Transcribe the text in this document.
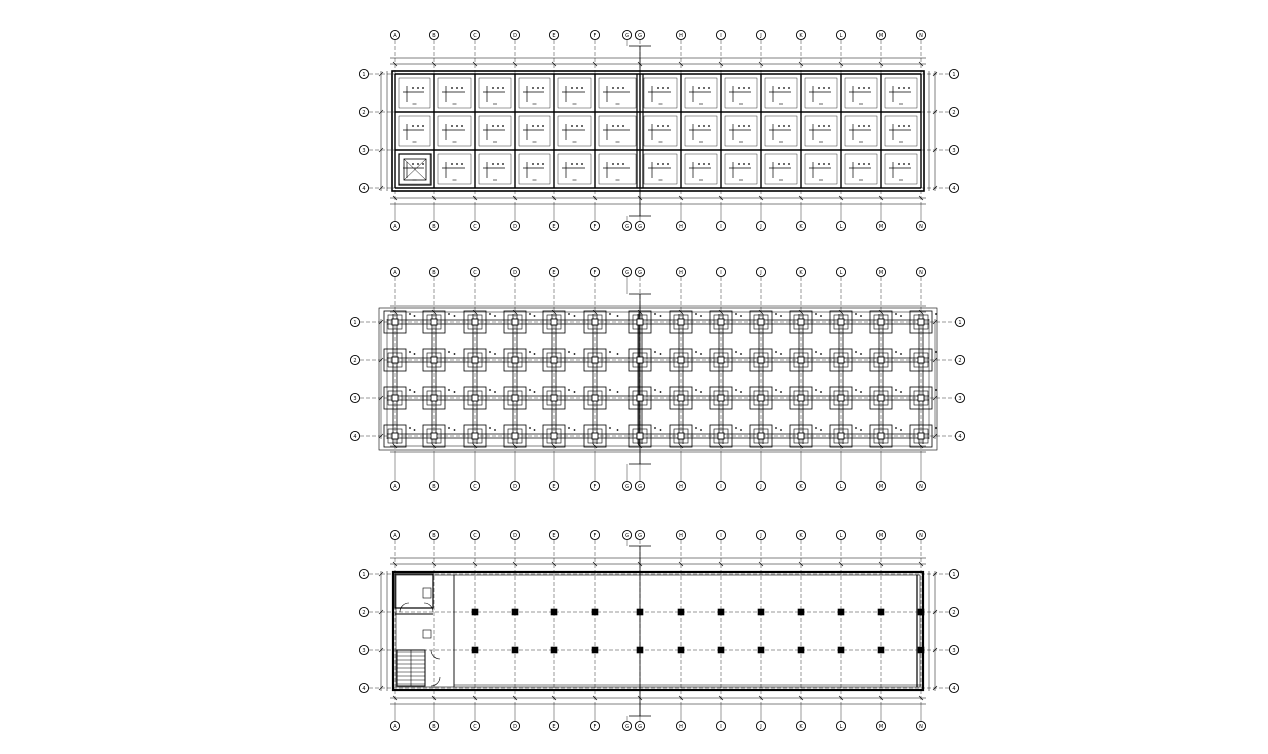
A
A
B
B
C
C
D
D
E
E
F
F
G
G
H
H
I
I
J
J
K
K
L
L
M
M
N
N
G
G
1	1
2	2
3	3
4	4
A
A
B
B
C
C
D
D
E
E
F
F
G
G
H
H
I
I
J
J
K
K
L
L
M
M
N
N
G
G
1	1
2	2
3	3
4	4
A
A
B
B
C
C
D
D
E
E
F
F
G
G
H
H
I
I
J
J
K
K
L
L
M
M
N
N
G
G
1	1
2	2
3	3
4	4
